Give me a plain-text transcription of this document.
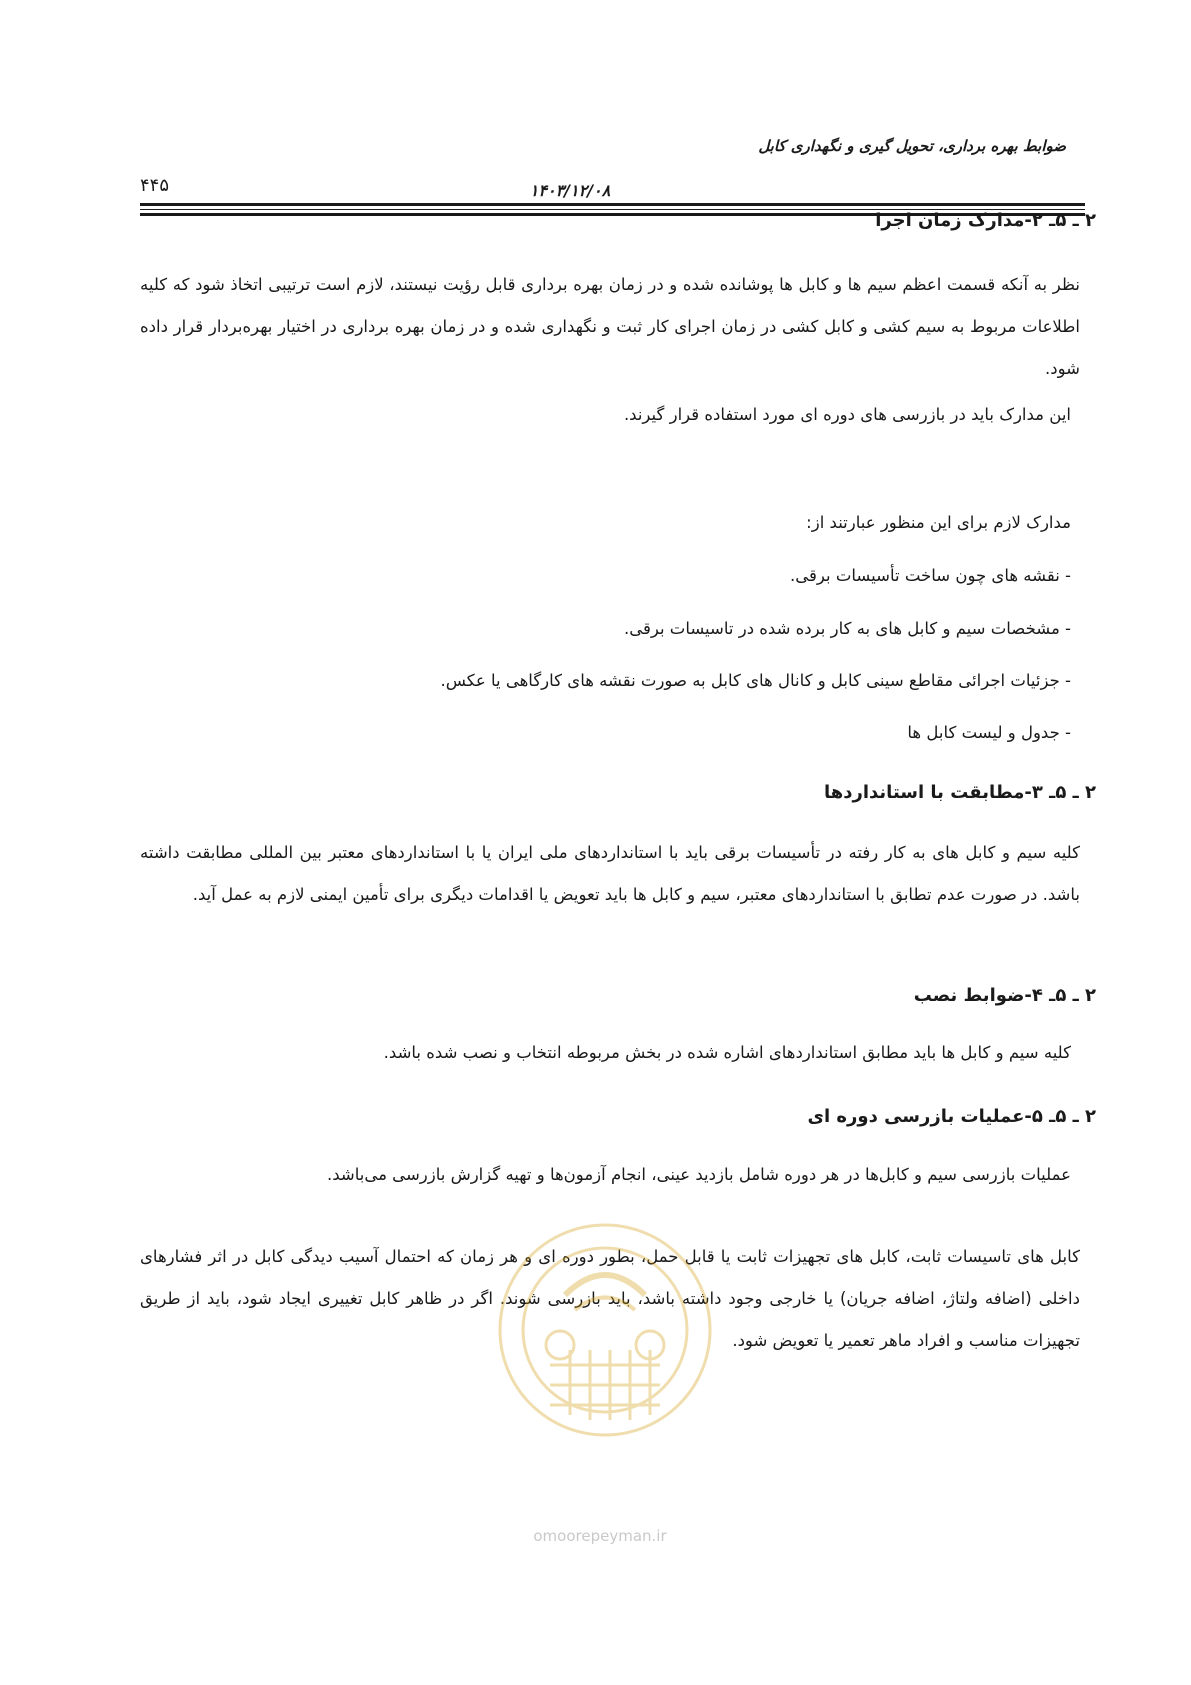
ضوابط بهره برداری، تحویل گیری و نگهداری کابل
۴۴۵	۱۴۰۳/۱۲/۰۸
۲ ـ ۵ـ ۲-مدارک زمان اجرا

نظر به آنکه قسمت اعظم سیم ها و کابل ها پوشانده شده و در زمان بهره برداری قابل رؤیت نیستند، لازم است ترتیبی اتخاذ شود که کلیه اطلاعات مربوط به سیم کشی و کابل کشی در زمان اجرای کار ثبت و نگهداری شده و در زمان بهره برداری در اختیار بهره‌بردار قرار داده شود.

این مدارک باید در بازرسی های دوره ای مورد استفاده قرار گیرند.

مدارک لازم برای این منظور عبارتند از:

- نقشه های چون ساخت تأسیسات برقی.

- مشخصات سیم و کابل های به کار برده شده در تاسیسات برقی.

- جزئیات اجرائی مقاطع سینی کابل و کانال های کابل به صورت نقشه های کارگاهی یا عکس.

- جدول و لیست کابل ها

۲ ـ ۵ـ ۳-مطابقت با استانداردها

کلیه سیم و کابل های به کار رفته در تأسیسات برقی باید با استانداردهای ملی ایران یا با استانداردهای معتبر بین المللی مطابقت داشته باشد. در صورت عدم تطابق با استانداردهای معتبر، سیم و کابل ها باید تعویض یا اقدامات دیگری برای تأمین ایمنی لازم به عمل آید.

۲ ـ ۵ـ ۴-ضوابط نصب

کلیه سیم و کابل ها باید مطابق استانداردهای اشاره شده در بخش مربوطه انتخاب و نصب شده باشد.

۲ ـ ۵ـ ۵-عملیات بازرسی دوره ای

عملیات بازرسی سیم و کابل‌ها در هر دوره شامل بازدید عینی، انجام آزمون‌ها و تهیه گزارش بازرسی می‌باشد.

کابل های تاسیسات ثابت، کابل های تجهیزات ثابت یا قابل حمل، بطور دوره ای و هر زمان که احتمال آسیب دیدگی کابل در اثر فشارهای داخلی (اضافه ولتاژ، اضافه جریان) یا خارجی وجود داشته باشد، باید بازرسی شوند. اگر در ظاهر کابل تغییری ایجاد شود، باید از طریق تجهیزات مناسب و افراد ماهر تعمیر یا تعویض شود.

omoorepeyman.ir
